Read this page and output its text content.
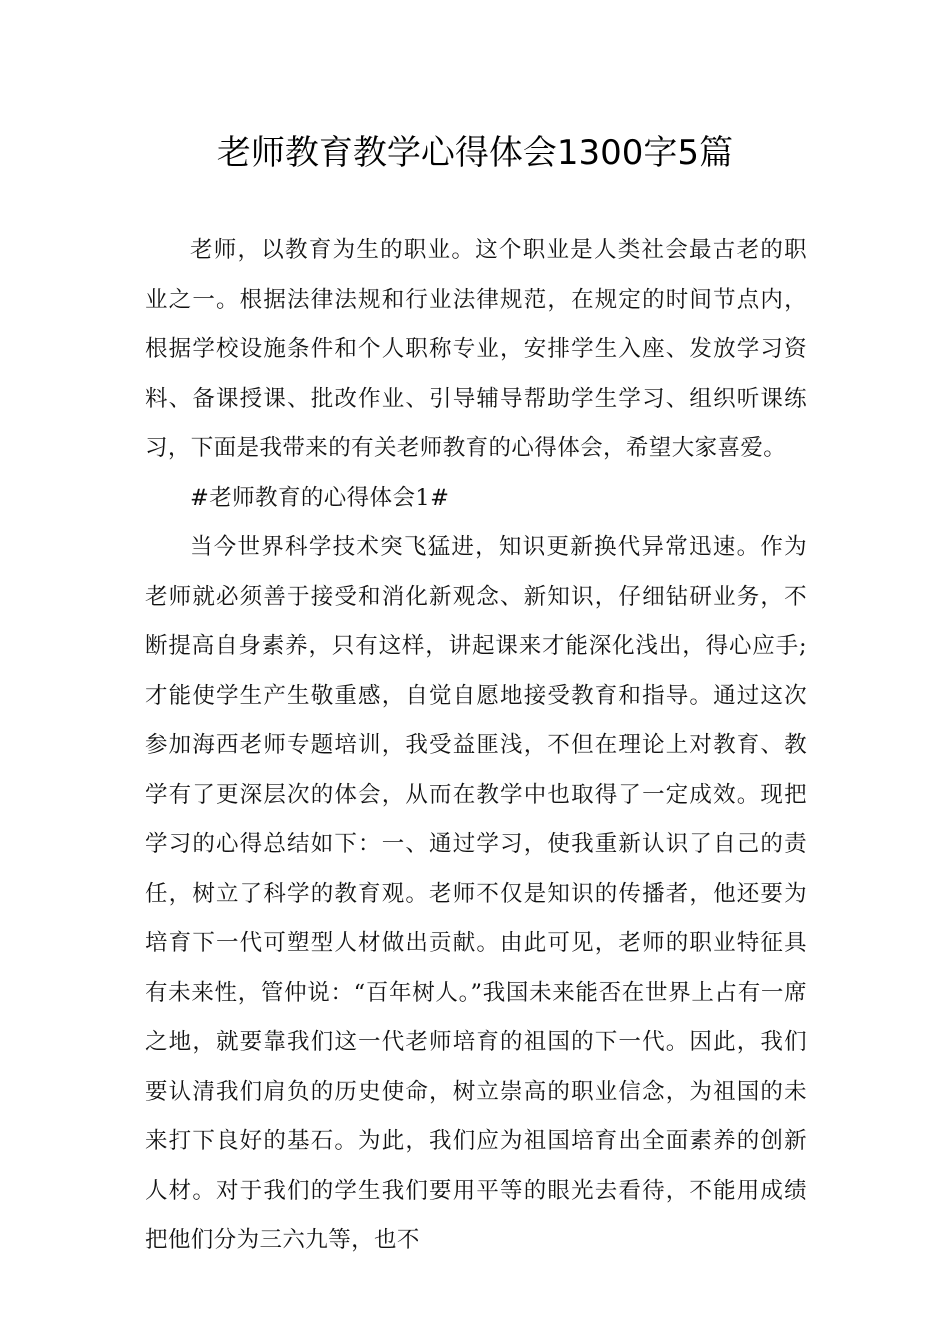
老师教育教学心得体会1300字5篇

老师，以教育为生的职业。这个职业是人类社会最古老的职业之一。根据法律法规和行业法律规范，在规定的时间节点内，根据学校设施条件和个人职称专业，安排学生入座、发放学习资料、备课授课、批改作业、引导辅导帮助学生学习、组织听课练习，下面是我带来的有关老师教育的心得体会，希望大家喜爱。

#老师教育的心得体会1#

当今世界科学技术突飞猛进，知识更新换代异常迅速。作为老师就必须善于接受和消化新观念、新知识，仔细钻研业务，不断提高自身素养，只有这样，讲起课来才能深化浅出，得心应手;才能使学生产生敬重感，自觉自愿地接受教育和指导。通过这次参加海西老师专题培训，我受益匪浅，不但在理论上对教育、教学有了更深层次的体会，从而在教学中也取得了一定成效。现把学习的心得总结如下：一、通过学习，使我重新认识了自己的责任，树立了科学的教育观。老师不仅是知识的传播者，他还要为培育下一代可塑型人材做出贡献。由此可见，老师的职业特征具有未来性，管仲说：“百年树人。”我国未来能否在世界上占有一席之地，就要靠我们这一代老师培育的祖国的下一代。因此，我们要认清我们肩负的历史使命，树立崇高的职业信念，为祖国的未来打下良好的基石。为此，我们应为祖国培育出全面素养的创新人材。对于我们的学生我们要用平等的眼光去看待，不能用成绩把他们分为三六九等，也不
